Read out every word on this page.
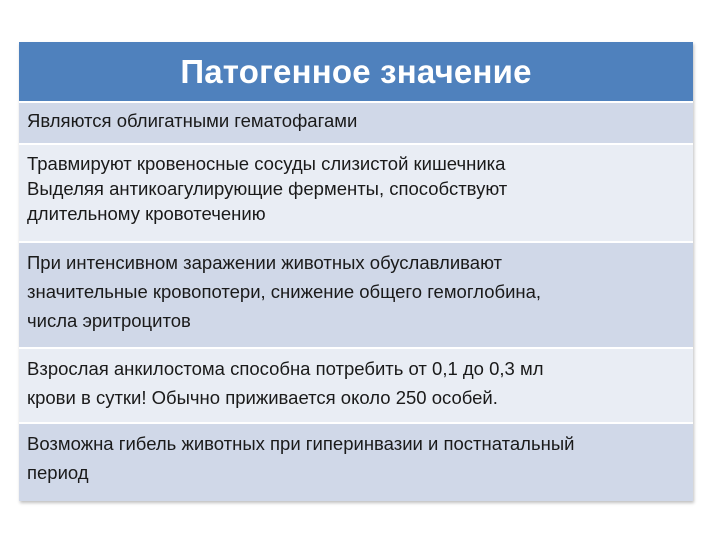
Патогенное значение
Являются облигатными гематофагами
Травмируют кровеносные сосуды слизистой кишечника
Выделяя антикоагулирующие ферменты, способствуют
длительному кровотечению
При интенсивном заражении животных обуславливают
значительные кровопотери, снижение общего гемоглобина,
числа эритроцитов
Взрослая анкилостома способна потребить от 0,1 до 0,3 мл
крови в сутки! Обычно приживается около 250 особей.
Возможна гибель животных при гиперинвазии и постнатальный
период
